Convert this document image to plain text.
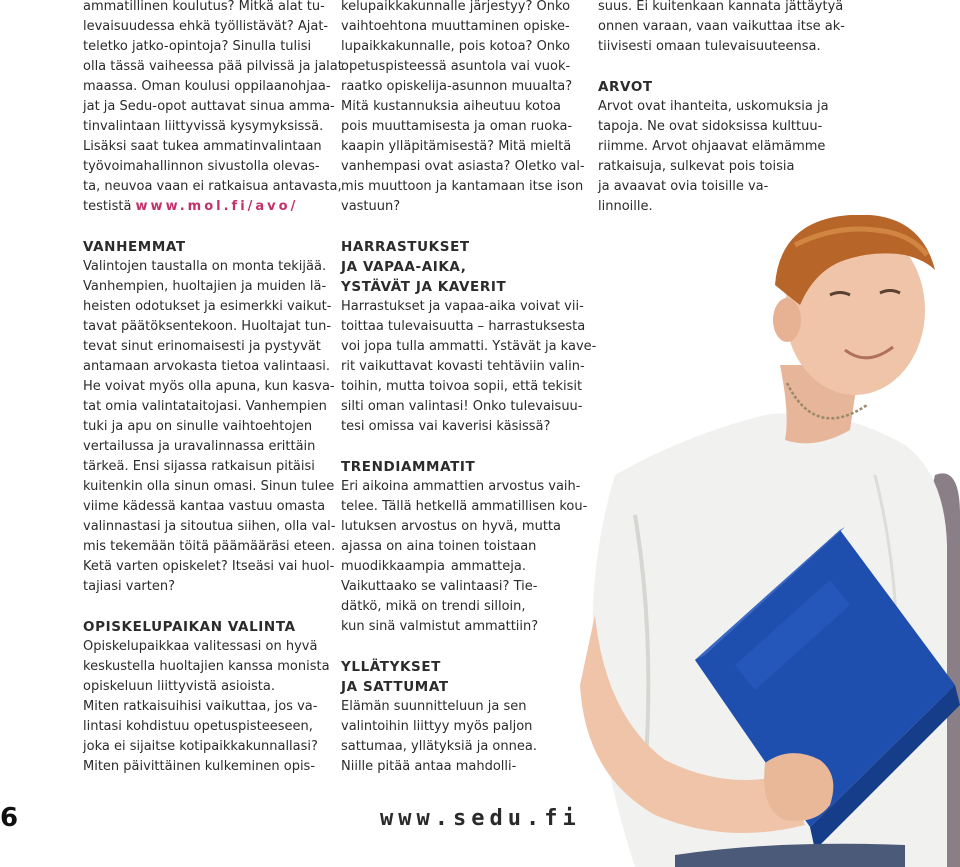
ammatillinen koulutus? Mitkä alat tu-
levaisuudessa ehkä työllistävät? Ajat-
teletko jatko-opintoja? Sinulla tulisi
olla tässä vaiheessa pää pilvissä ja jalat
maassa. Oman koulusi oppilaanohjaa-
jat ja Sedu-opot auttavat sinua amma-
tinvalintaan liittyvissä kysymyksissä.
Lisäksi saat tukea ammatinvalintaan
työvoimahallinnon sivustolla olevas-
ta, neuvoa vaan ei ratkaisua antavasta,
testistä www.mol.fi/avo/
VANHEMMAT
Valintojen taustalla on monta tekijää.
Vanhempien, huoltajien ja muiden lä-
heisten odotukset ja esimerkki vaikut-
tavat päätöksentekoon. Huoltajat tun-
tevat sinut erinomaisesti ja pystyvät
antamaan arvokasta tietoa valintaasi.
He voivat myös olla apuna, kun kasva-
tat omia valintataitojasi. Vanhempien
tuki ja apu on sinulle vaihtoehtojen
vertailussa ja uravalinnassa erittäin
tärkeä. Ensi sijassa ratkaisun pitäisi
kuitenkin olla sinun omasi. Sinun tulee
viime kädessä kantaa vastuu omasta
valinnastasi ja sitoutua siihen, olla val-
mis tekemään töitä päämääräsi eteen.
Ketä varten opiskelet? Itseäsi vai huol-
tajiasi varten?
OPISKELUPAIKAN VALINTA
Opiskelupaikkaa valitessasi on hyvä
keskustella huoltajien kanssa monista
opiskeluun liittyvistä asioista.
Miten ratkaisuihisi vaikuttaa, jos va-
lintasi kohdistuu opetuspisteeseen,
joka ei sijaitse kotipaikkakunnallasi?
Miten päivittäinen kulkeminen opis-
kelupaikkakunnalle järjestyy? Onko
vaihtoehtona muuttaminen opiske-
lupaikkakunnalle, pois kotoa? Onko
opetuspisteessä asuntola vai vuok-
raatko opiskelija-asunnon muualta?
Mitä kustannuksia aiheutuu kotoa
pois muuttamisesta ja oman ruoka-
kaapin ylläpitämisestä? Mitä mieltä
vanhempasi ovat asiasta? Oletko val-
mis muuttoon ja kantamaan itse ison
vastuun?
HARRASTUKSET
JA VAPAA-AIKA,
YSTÄVÄT JA KAVERIT
Harrastukset ja vapaa-aika voivat vii-
toittaa tulevaisuutta – harrastuksesta
voi jopa tulla ammatti. Ystävät ja kave-
rit vaikuttavat kovasti tehtäviin valin-
toihin, mutta toivoa sopii, että tekisit
silti oman valintasi! Onko tulevaisuu-
tesi omissa vai kaverisi käsissä?
TRENDIAMMATIT
Eri aikoina ammattien arvostus vaih-
telee. Tällä hetkellä ammatillisen kou-
lutuksen arvostus on hyvä, mutta
ajassa on aina toinen toistaan
muodikkaampia ammatteja.
Vaikuttaako se valintaasi? Tie-
dätkö, mikä on trendi silloin,
kun sinä valmistut ammattiin?
YLLÄTYKSET
JA SATTUMAT
Elämän suunnitteluun ja sen
valintoihin liittyy myös paljon
sattumaa, yllätyksiä ja onnea.
Niille pitää antaa mahdolli-
suus. Ei kuitenkaan kannata jättäytyä
onnen varaan, vaan vaikuttaa itse ak-
tiivisesti omaan tulevaisuuteensa.
ARVOT
Arvot ovat ihanteita, uskomuksia ja
tapoja. Ne ovat sidoksissa kulttuu-
riimme. Arvot ohjaavat elämämme
ratkaisuja, sulkevat pois toisia
ja avaavat ovia toisille va-
linnoille.
www.sedu.fi
6
